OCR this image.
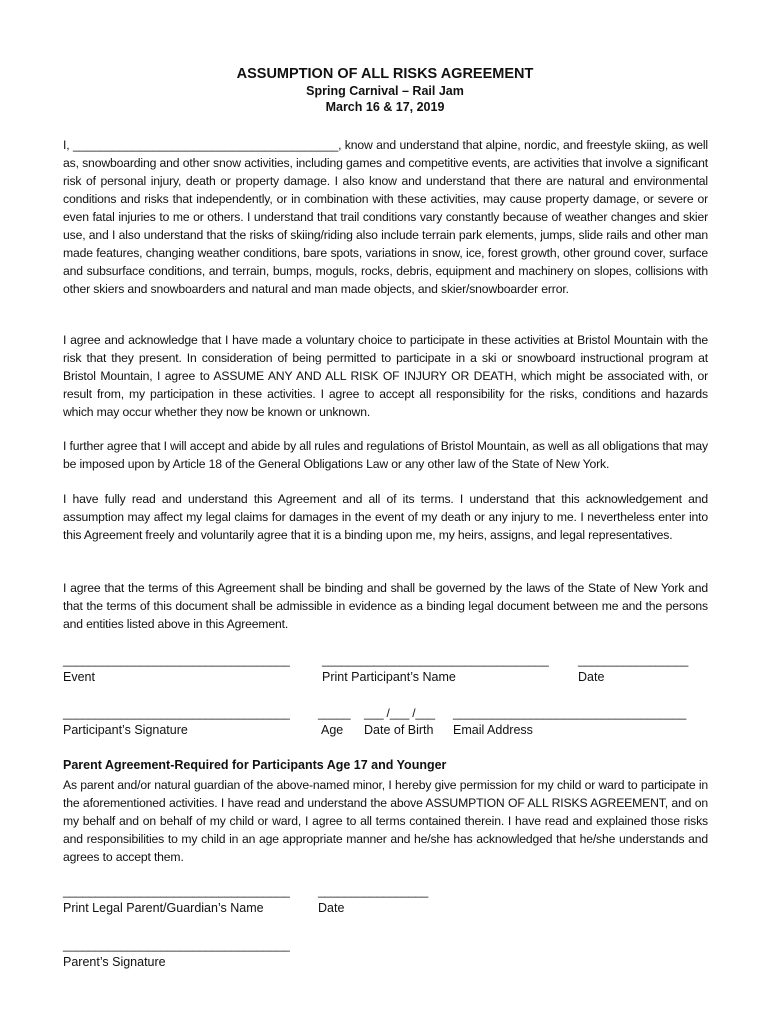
ASSUMPTION OF ALL RISKS AGREEMENT
Spring Carnival – Rail Jam
March 16 & 17, 2019
I, ________________________________________, know and understand that alpine, nordic, and freestyle skiing, as well as, snowboarding and other snow activities, including games and competitive events, are activities that involve a significant risk of personal injury, death or property damage. I also know and understand that there are natural and environmental conditions and risks that independently, or in combination with these activities, may cause property damage, or severe or even fatal injuries to me or others. I understand that trail conditions vary constantly because of weather changes and skier use, and I also understand that the risks of skiing/riding also include terrain park elements, jumps, slide rails and other man made features, changing weather conditions, bare spots, variations in snow, ice, forest growth, other ground cover, surface and subsurface conditions, and terrain, bumps, moguls, rocks, debris, equipment and machinery on slopes, collisions with other skiers and snowboarders and natural and man made objects, and skier/snowboarder error.
I agree and acknowledge that I have made a voluntary choice to participate in these activities at Bristol Mountain with the risk that they present. In consideration of being permitted to participate in a ski or snowboard instructional program at Bristol Mountain, I agree to ASSUME ANY AND ALL RISK OF INJURY OR DEATH, which might be associated with, or result from, my participation in these activities. I agree to accept all responsibility for the risks, conditions and hazards which may occur whether they now be known or unknown.
I further agree that I will accept and abide by all rules and regulations of Bristol Mountain, as well as all obligations that may be imposed upon by Article 18 of the General Obligations Law or any other law of the State of New York.
I have fully read and understand this Agreement and all of its terms. I understand that this acknowledgement and assumption may affect my legal claims for damages in the event of my death or any injury to me. I nevertheless enter into this Agreement freely and voluntarily agree that it is a binding upon me, my heirs, assigns, and legal representatives.
I agree that the terms of this Agreement shall be binding and shall be governed by the laws of the State of New York and that the terms of this document shall be admissible in evidence as a binding legal document between me and the persons and entities listed above in this Agreement.
___________________________________
Event
___________________________________
Print Participant’s Name
_________________
Date
___________________________________
Participant’s Signature
_____
Age
___ /___ /___
Date of Birth
____________________________________
Email Address
Parent Agreement-Required for Participants Age 17 and Younger
As parent and/or natural guardian of the above-named minor, I hereby give permission for my child or ward to participate in the aforementioned activities. I have read and understand the above ASSUMPTION OF ALL RISKS AGREEMENT, and on my behalf and on behalf of my child or ward, I agree to all terms contained therein. I have read and explained those risks and responsibilities to my child in an age appropriate manner and he/she has acknowledged that he/she understands and agrees to accept them.
___________________________________
Print Legal Parent/Guardian’s Name
_________________
Date
___________________________________
Parent’s Signature
